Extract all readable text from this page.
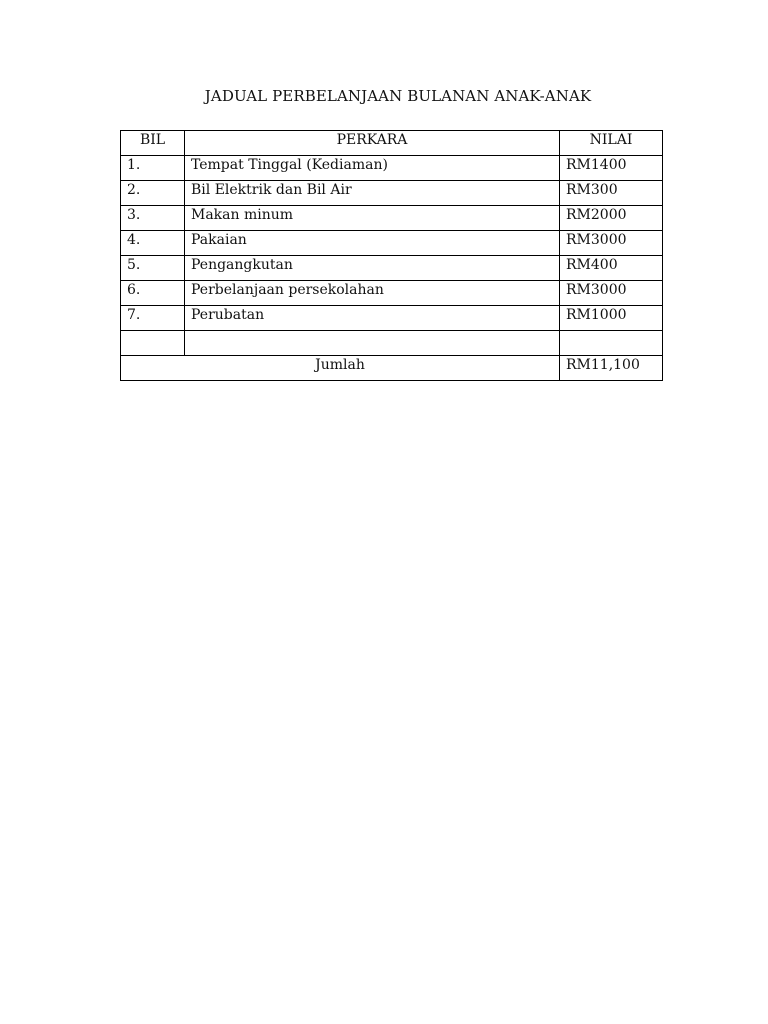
JADUAL PERBELANJAAN BULANAN ANAK-ANAK
BIL	PERKARA	NILAI
1.	Tempat Tinggal (Kediaman)	RM1400
2.	Bil Elektrik dan Bil Air	RM300
3.	Makan minum	RM2000
4.	Pakaian	RM3000
5.	Pengangkutan	RM400
6.	Perbelanjaan persekolahan	RM3000
7.	Perubatan	RM1000

Jumlah		RM11,100
